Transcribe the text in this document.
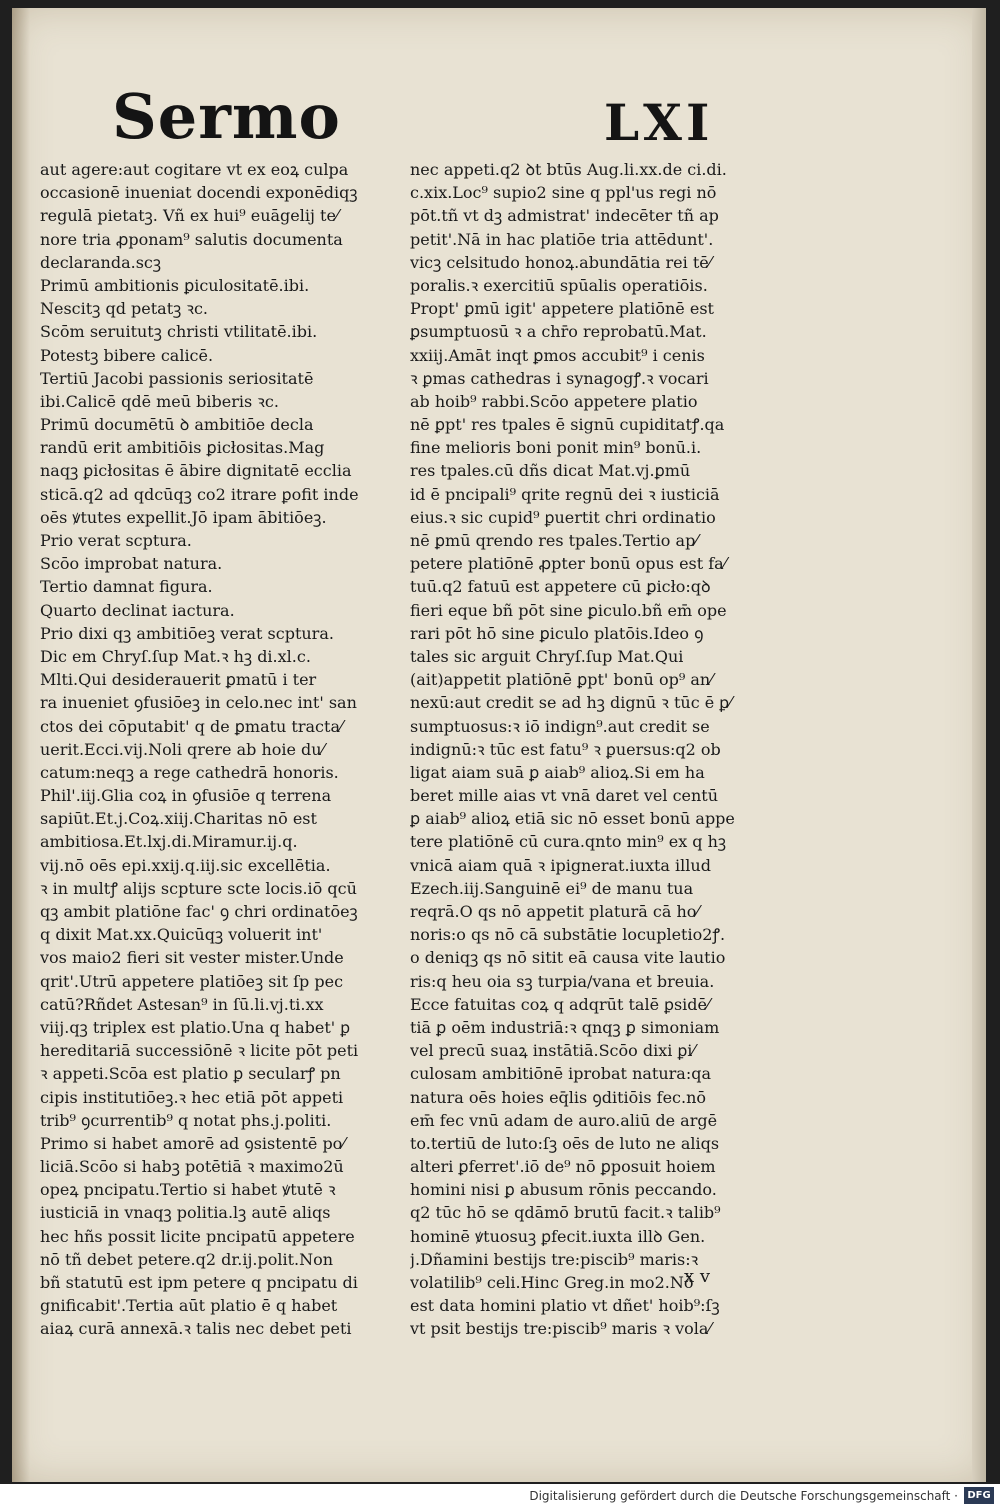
Sermo	LXI
aut agere:aut cogitare vt ex eoꝝ culpa
occasionē inueniat docendi exponēdiqꝫ
regulā pietatꝫ. Vñ ex hui⁹ euāgelij te⁄
nore tria ꝓponam⁹ salutis documenta
declaranda.scꝫ
Primū ambitionis ꝑiculositatē.ibi.
Nescitꝫ qd petatꝫ ꝛc.
Scōm seruitutꝫ christi vtilitatē.ibi.
Potestꝫ bibere calicē.
Tertiū Jacobi passionis seriositatē
ibi.Calicē qdē meū biberis ꝛc.
Primū documētū ꝺ ambitiōe decla
randū erit ambitiōis ꝑicłositas.Mag
naqꝫ ꝑicłositas ē ābire dignitatē ecclia
sticā.q2 ad qdcūqꝫ co2 itrare ꝑofit inde
oēs ꝟtutes expellit.Jō ipam ābitiōeꝫ.
Prio verat scptura.
Scōo improbat natura.
Tertio damnat figura.
Quarto declinat iactura.
Prio dixi qꝫ ambitiōeꝫ verat scptura.
Dic em Chryſ.ſup Mat.ꝛ hꝫ di.xl.c.
Mlti.Qui desiderauerit ꝑmatū i ter
ra inueniet ꝯfusiōeꝫ in celo.nec int' san
ctos dei cōputabit' q de ꝑmatu tracta⁄
uerit.Ecci.vij.Noli qrere ab hoie du⁄
catum:neqꝫ a rege cathedrā honoris.
Phil'.iij.Glia coꝝ in ꝯfusiōe q terrena
sapiūt.Et.j.Coꝝ.xiij.Charitas nō est
ambitiosa.Et.lxj.di.Miramur.ij.q.
vij.nō oēs epi.xxij.q.iij.sic excellētia.
ꝛ in multꝭ alijs scpture scte locis.iō qcū
qꝫ ambit platiōne fac' ꝯ chri ordinatōeꝫ
q dixit Mat.xx.Quicūqꝫ voluerit int'
vos maio2 fieri sit vester mister.Unde
qrit'.Utrū appetere platiōeꝫ sit ſp pec
catū?Rñdet Astesan⁹ in ſū.li.vj.ti.xx
viij.qꝫ triplex est platio.Una q habet' ꝑ
hereditariā successiōnē ꝛ licite pōt peti
ꝛ appeti.Scōa est platio ꝑ secularꝭ pn
cipis institutiōeꝫ.ꝛ hec etiā pōt appeti
trib⁹ ꝯcurrentib⁹ q notat phs.j.politi.
Primo si habet amorē ad ꝯsistentē po⁄
liciā.Scōo si habꝫ potētiā ꝛ maximo2ū
opeꝝ pncipatu.Tertio si habet ꝟtutē ꝛ
iusticiā in vnaqꝫ politia.lꝫ autē aliqs
hec hñs possit licite pncipatū appetere
nō tñ debet petere.q2 dr.ij.polit.Non
bñ statutū est ipm petere q pncipatu di
gnificabit'.Tertia aūt platio ē q habet
aiaꝝ curā annexā.ꝛ talis nec debet peti
nec appeti.q2 ꝺt btūs Aug.li.xx.de ci.di.
c.xix.Loc⁹ supio2 sine q ppl'us regi nō
pōt.tñ vt dꝫ admistrat' indecēter tñ ap
petit'.Nā in hac platiōe tria attēdunt'.
vicꝫ celsitudo honoꝝ.abundātia rei tē⁄
poralis.ꝛ exercitiū spūalis operatiōis.
Propt' ꝑmū igit' appetere platiōnē est
ꝑsumptuosū ꝛ a chr̄o reprobatū.Mat.
xxiij.Amāt inqt ꝑmos accubit⁹ i cenis
ꝛ ꝑmas cathedras i synagogꝭ.ꝛ vocari
ab hoib⁹ rabbi.Scōo appetere platio
nē ꝑpt' res tpales ē signū cupiditatꝭ.qa
fine melioris boni ponit min⁹ bonū.i.
res tpales.cū dñs dicat Mat.vj.ꝑmū
id ē pncipali⁹ qrite regnū dei ꝛ iusticiā
eius.ꝛ sic cupid⁹ ꝑuertit chri ordinatio
nē ꝑmū qrendo res tpales.Tertio ap⁄
petere platiōnē ꝓpter bonū opus est fa⁄
tuū.q2 fatuū est appetere cū ꝑicło:qꝺ
fieri eque bñ pōt sine ꝑiculo.bñ em̄ ope
rari pōt hō sine ꝑiculo platōis.Ideo ꝯ
tales sic arguit Chryſ.ſup Mat.Qui
(ait)appetit platiōnē ꝑpt' bonū op⁹ an⁄
nexū:aut credit se ad hꝫ dignū ꝛ tūc ē ꝑ⁄
sumptuosus:ꝛ iō indign⁹.aut credit se
indignū:ꝛ tūc est fatu⁹ ꝛ ꝑuersus:q2 ob
ligat aiam suā ꝑ aiab⁹ alioꝝ.Si em ha
beret mille aias vt vnā daret vel centū
ꝑ aiab⁹ alioꝝ etiā sic nō esset bonū appe
tere platiōnē cū cura.qnto min⁹ ex q hꝫ
vnicā aiam quā ꝛ ipignerat.iuxta illud
Ezech.iij.Sanguinē ei⁹ de manu tua
reqrā.O qs nō appetit platurā cā ho⁄
noris:o qs nō cā substātie locupletio2ꝭ.
o deniqꝫ qs nō sitit eā causa vite lautio
ris:q heu oia sꝫ turpia/vana et breuia.
Ecce fatuitas coꝝ q adqrūt talē ꝑsidē⁄
tiā ꝑ oēm industriā:ꝛ qnqꝫ ꝑ simoniam
vel precū suaꝝ instātiā.Scōo dixi ꝑi⁄
culosam ambitiōnē iprobat natura:qa
natura oēs hoies eq̄lis ꝯditiōis fec.nō
em̄ fec vnū adam de auro.aliū de argē
to.tertiū de luto:ſꝫ oēs de luto ne aliqs
alteri ꝑferret'.iō de⁹ nō ꝑposuit hoiem
homini nisi ꝑ abusum rōnis peccando.
q2 tūc hō se qdāmō brutū facit.ꝛ talib⁹
hominē ꝟtuosuꝫ ꝑfecit.iuxta illꝺ Gen.
j.Dñamini bestijs tre:piscib⁹ maris:ꝛ
volatilib⁹ celi.Hinc Greg.in mo2.Nō
est data homini platio vt dñet' hoib⁹:ſꝫ
vt psit bestijs tre:piscib⁹ maris ꝛ vola⁄
x v
Digitalisierung gefördert durch die Deutsche Forschungsgemeinschaft · DFG
